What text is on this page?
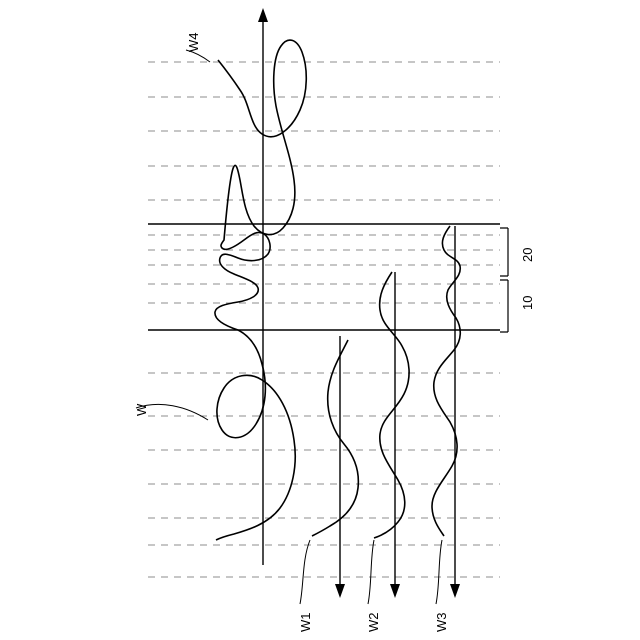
W4
W
W1	W2	W3
20
10
